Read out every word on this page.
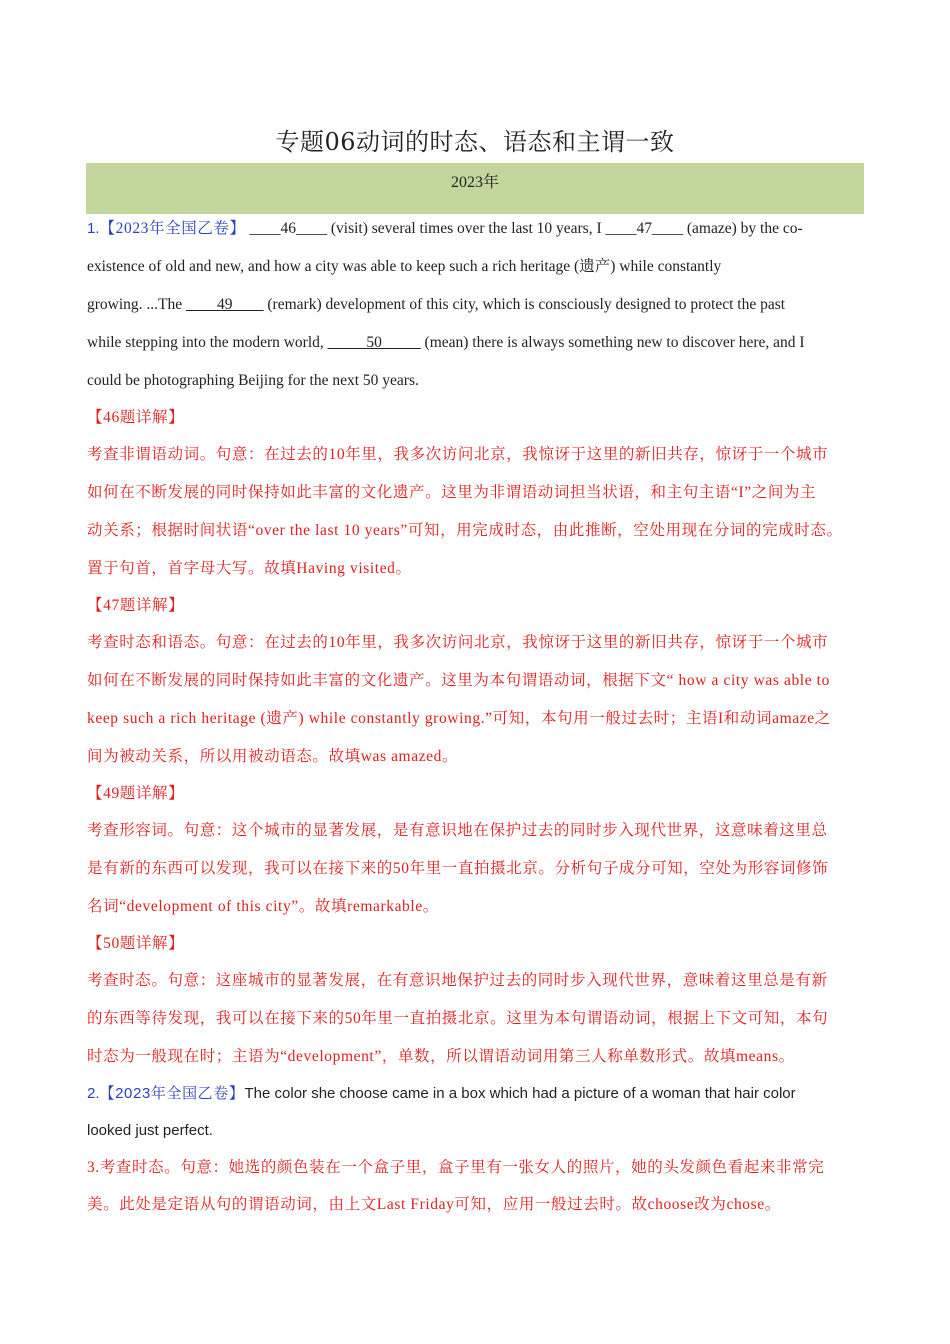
专题06动词的时态、语态和主谓一致
2023年
1.【2023年全国乙卷】 ____46____ (visit) several times over the last 10 years, I ____47____ (amaze) by the co-
existence of old and new, and how a city was able to keep such a rich heritage (遗产) while constantly
growing. ...The ____49____ (remark) development of this city, which is consciously designed to protect the past
while stepping into the modern world, _____50_____ (mean) there is always something new to discover here, and I
could be photographing Beijing for the next 50 years.
【46题详解】
考查非谓语动词。句意：在过去的10年里，我多次访问北京，我惊讶于这里的新旧共存，惊讶于一个城市
如何在不断发展的同时保持如此丰富的文化遗产。这里为非谓语动词担当状语，和主句主语“I”之间为主
动关系；根据时间状语“over the last 10 years”可知，用完成时态，由此推断，空处用现在分词的完成时态。
置于句首，首字母大写。故填Having visited。
【47题详解】
考查时态和语态。句意：在过去的10年里，我多次访问北京，我惊讶于这里的新旧共存，惊讶于一个城市
如何在不断发展的同时保持如此丰富的文化遗产。这里为本句谓语动词，根据下文“ how a city was able to
keep such a rich heritage (遗产) while constantly growing.”可知，本句用一般过去时；主语I和动词amaze之
间为被动关系，所以用被动语态。故填was amazed。
【49题详解】
考查形容词。句意：这个城市的显著发展，是有意识地在保护过去的同时步入现代世界，这意味着这里总
是有新的东西可以发现，我可以在接下来的50年里一直拍摄北京。分析句子成分可知，空处为形容词修饰
名词“development of this city”。故填remarkable。
【50题详解】
考查时态。句意：这座城市的显著发展，在有意识地保护过去的同时步入现代世界，意味着这里总是有新
的东西等待发现，我可以在接下来的50年里一直拍摄北京。这里为本句谓语动词，根据上下文可知，本句
时态为一般现在时；主语为“development”，单数，所以谓语动词用第三人称单数形式。故填means。
2.【2023年全国乙卷】The color she choose came in a box which had a picture of a woman that hair color
looked just perfect.
3.考查时态。句意：她选的颜色装在一个盒子里，盒子里有一张女人的照片，她的头发颜色看起来非常完
美。此处是定语从句的谓语动词，由上文Last Friday可知，应用一般过去时。故choose改为chose。
